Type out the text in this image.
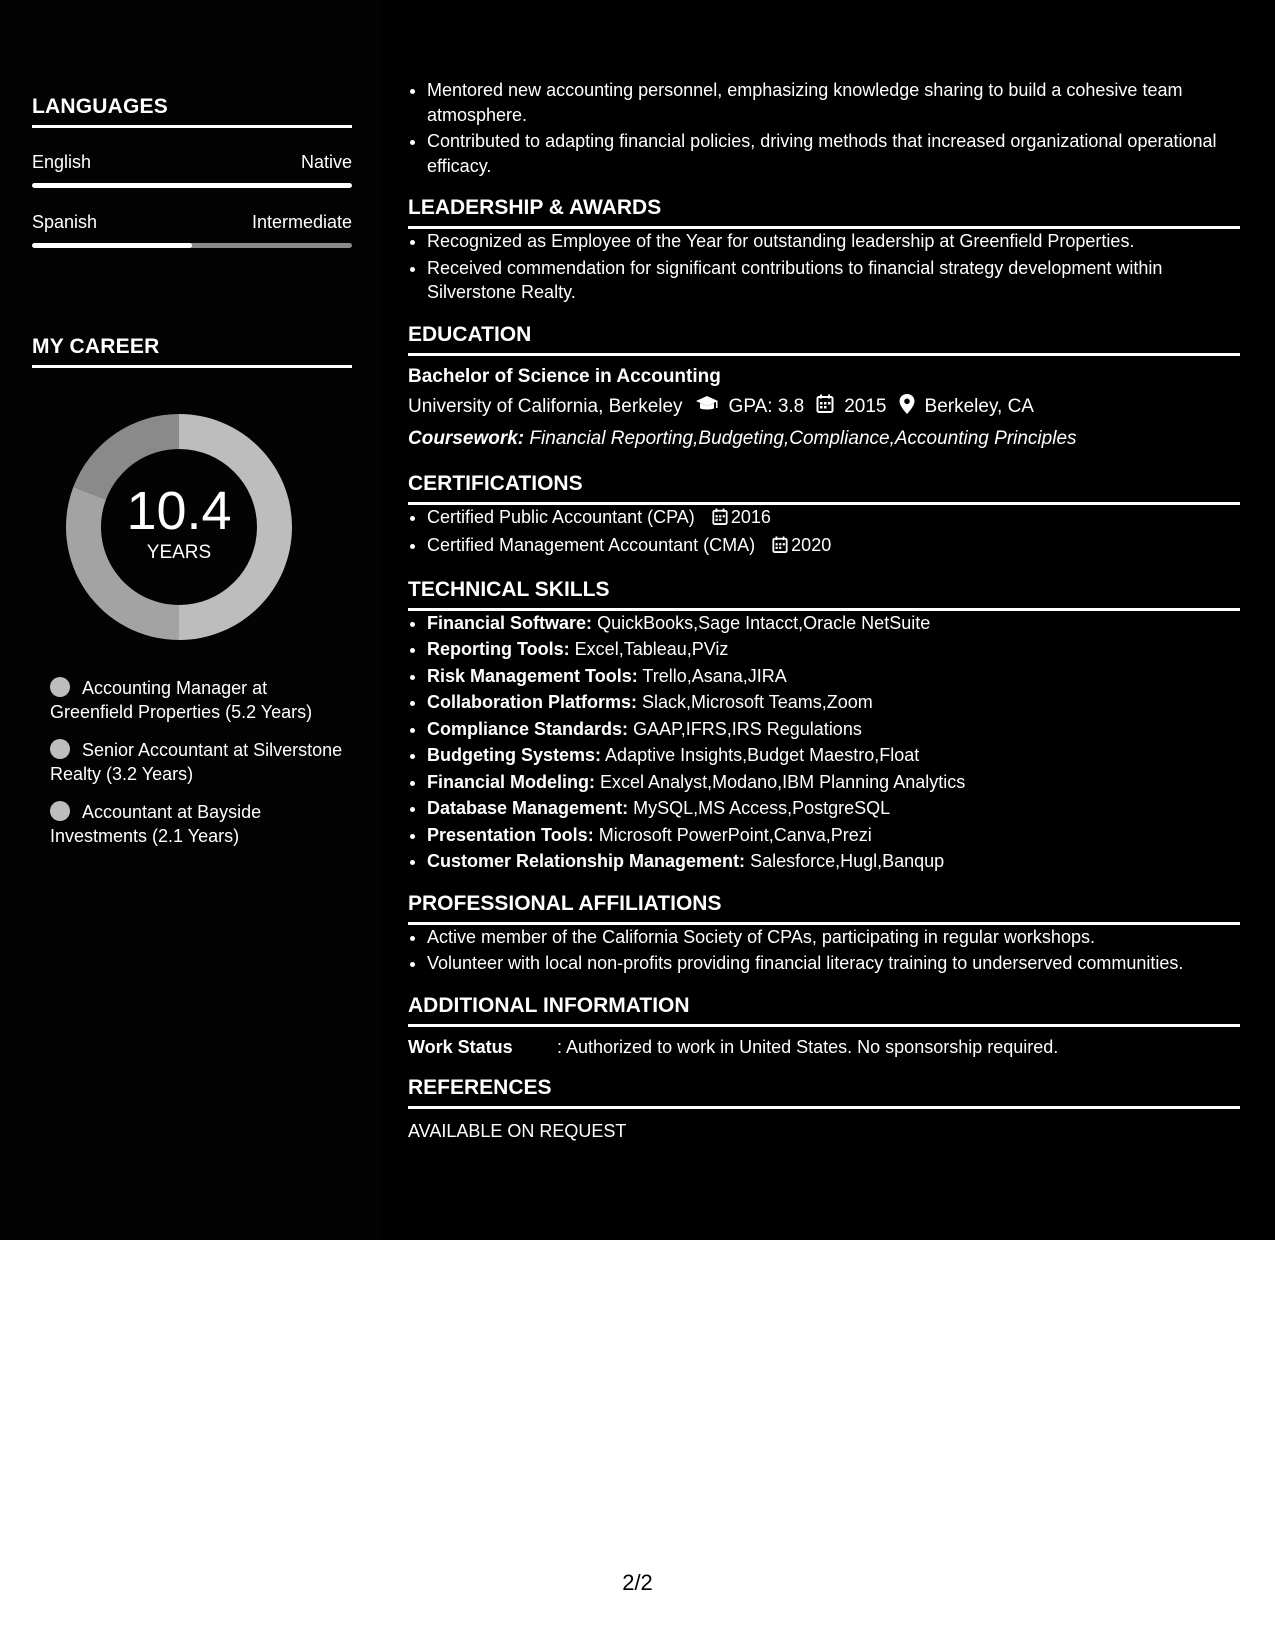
LANGUAGES
English	Native
Spanish	Intermediate
MY CAREER
10.4
YEARS
Accounting Manager at Greenfield Properties (5.2 Years)
Senior Accountant at Silverstone Realty (3.2 Years)
Accountant at Bayside Investments (2.1 Years)
• Mentored new accounting personnel, emphasizing knowledge sharing to build a cohesive team atmosphere.
• Contributed to adapting financial policies, driving methods that increased organizational operational efficacy.
LEADERSHIP & AWARDS
• Recognized as Employee of the Year for outstanding leadership at Greenfield Properties.
• Received commendation for significant contributions to financial strategy development within Silverstone Realty.
EDUCATION
Bachelor of Science in Accounting
University of California, Berkeley GPA: 3.8 2015 Berkeley, CA
Coursework: Financial Reporting,Budgeting,Compliance,Accounting Principles
CERTIFICATIONS
• Certified Public Accountant (CPA) 2016
• Certified Management Accountant (CMA) 2020
TECHNICAL SKILLS
• Financial Software: QuickBooks,Sage Intacct,Oracle NetSuite
• Reporting Tools: Excel,Tableau,PViz
• Risk Management Tools: Trello,Asana,JIRA
• Collaboration Platforms: Slack,Microsoft Teams,Zoom
• Compliance Standards: GAAP,IFRS,IRS Regulations
• Budgeting Systems: Adaptive Insights,Budget Maestro,Float
• Financial Modeling: Excel Analyst,Modano,IBM Planning Analytics
• Database Management: MySQL,MS Access,PostgreSQL
• Presentation Tools: Microsoft PowerPoint,Canva,Prezi
• Customer Relationship Management: Salesforce,Hugl,Banqup
PROFESSIONAL AFFILIATIONS
• Active member of the California Society of CPAs, participating in regular workshops.
• Volunteer with local non-profits providing financial literacy training to underserved communities.
ADDITIONAL INFORMATION
Work Status	: Authorized to work in United States. No sponsorship required.
REFERENCES
AVAILABLE ON REQUEST
2/2
